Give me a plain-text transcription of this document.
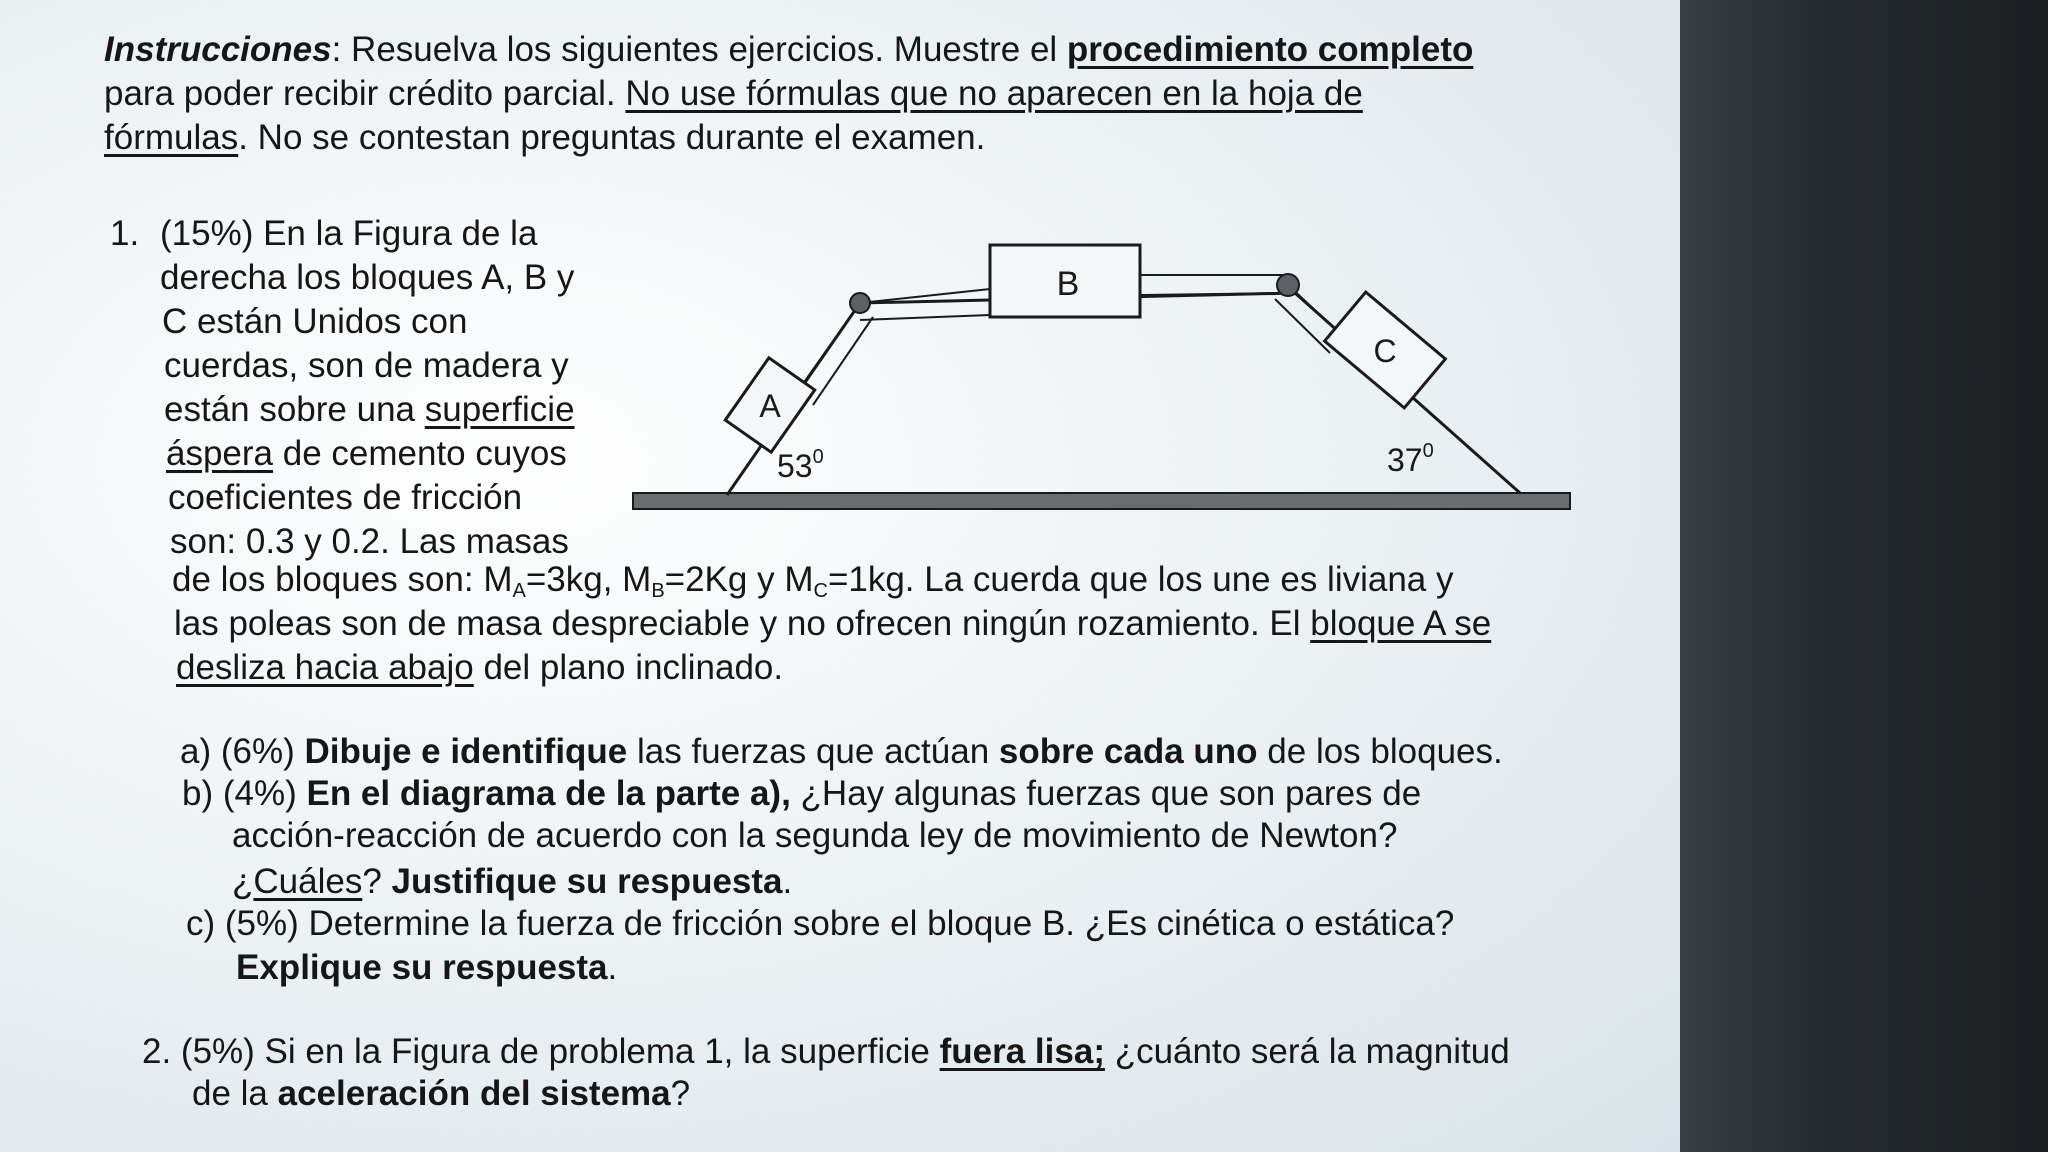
Instrucciones: Resuelva los siguientes ejercicios. Muestre el procedimiento completo
para poder recibir crédito parcial. No use fórmulas que no aparecen en la hoja de
fórmulas. No se contestan preguntas durante el examen.
1. (15%) En la Figura de la
derecha los bloques A, B y
C están Unidos con
cuerdas, son de madera y
están sobre una superficie
áspera de cemento cuyos
coeficientes de fricción
son: 0.3 y 0.2. Las masas
de los bloques son: $M_A=3kg$, $M_B=2Kg$ y $M_C=1kg$. La cuerda que los une es liviana y
las poleas son de masa despreciable y no ofrecen ningún rozamiento. El bloque A se
desliza hacia abajo del plano inclinado.
a) (6%) Dibuje e identifique las fuerzas que actúan sobre cada uno de los bloques.
b) (4%) En el diagrama de la parte a), ¿Hay algunas fuerzas que son pares de
acción-reacción de acuerdo con la segunda ley de movimiento de Newton?
¿Cuáles? Justifique su respuesta.
c) (5%) Determine la fuerza de fricción sobre el bloque B. ¿Es cinética o estática?
Explique su respuesta.
2. (5%) Si en la Figura de problema 1, la superficie fuera lisa; ¿cuánto será la magnitud
de la aceleración del sistema?
B
A
C
$53^0$	$37^0$
